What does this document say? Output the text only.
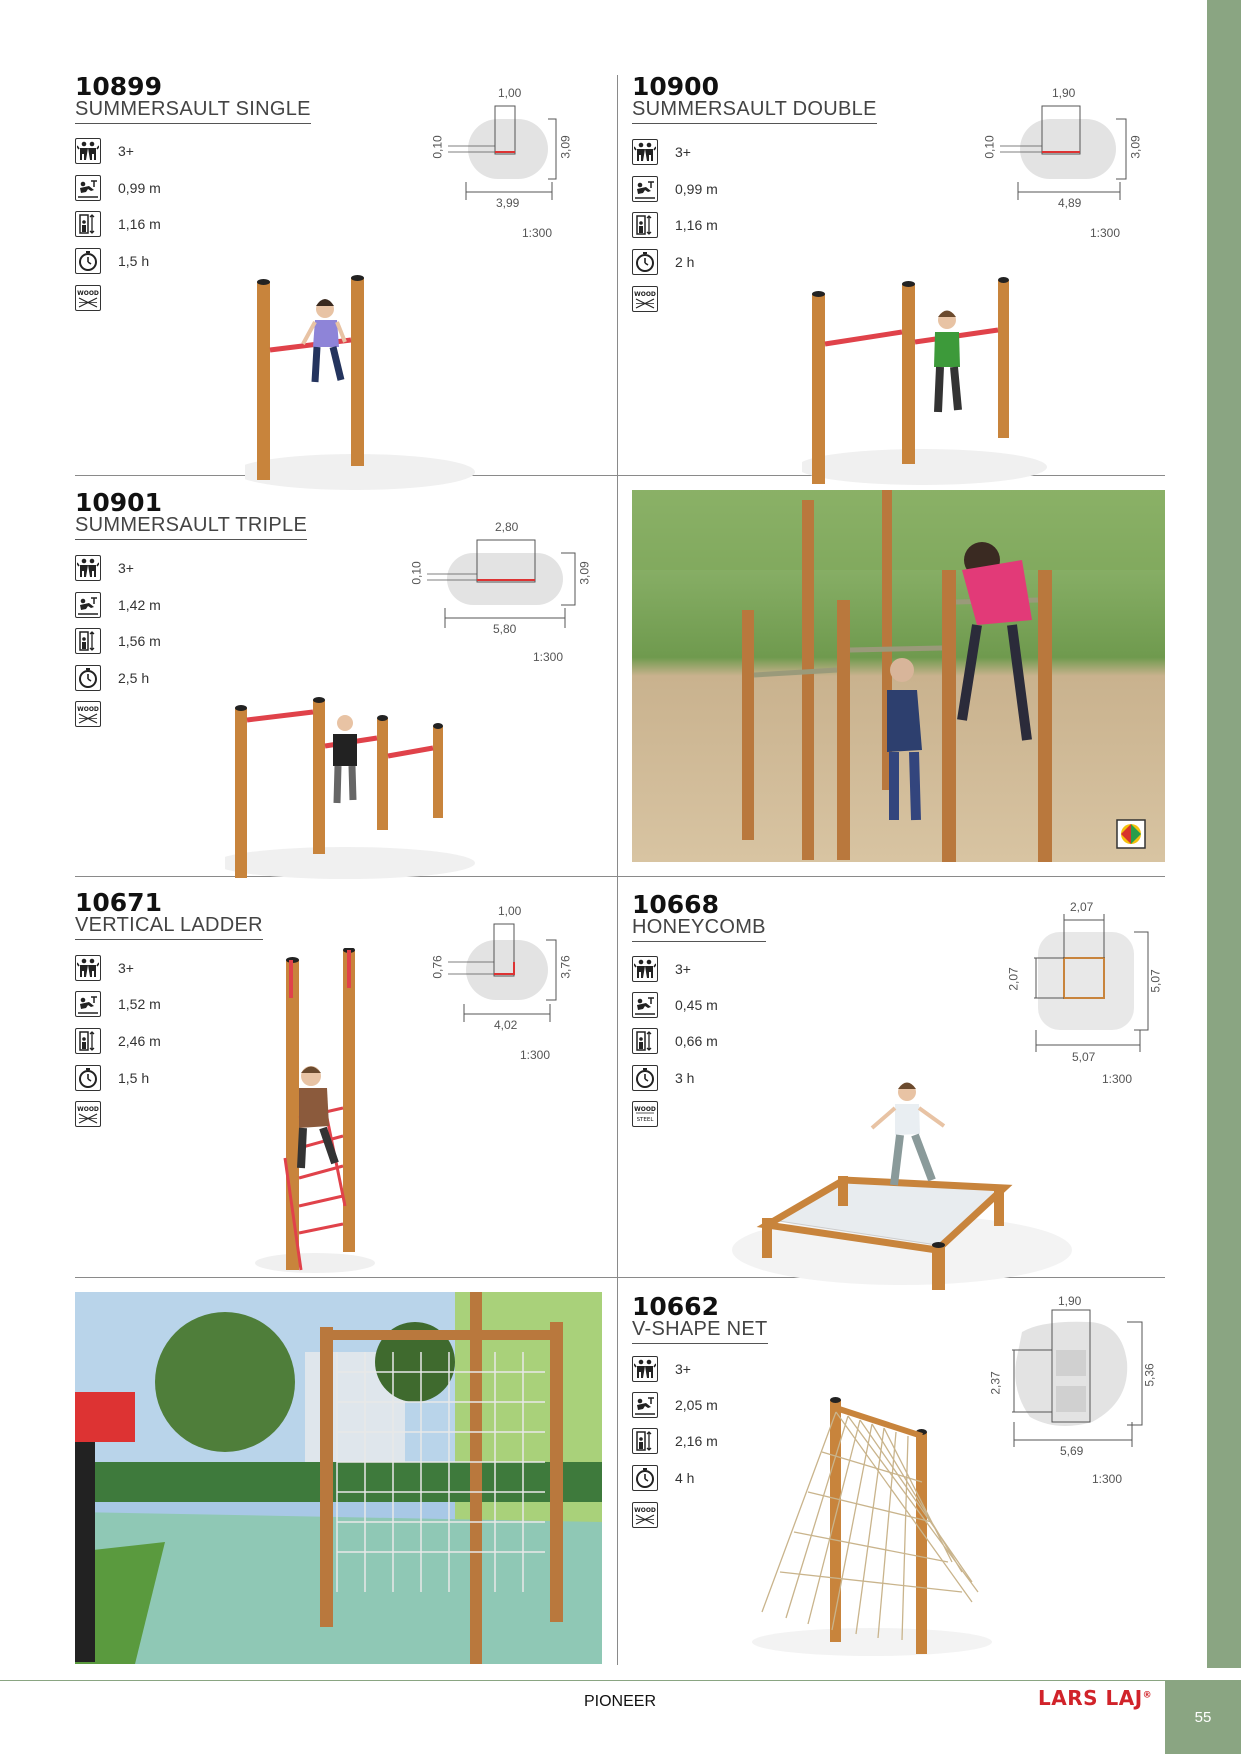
10899
SUMMERSAULT SINGLE
3+
0,99 m
1,16 m
1,5 h
1,00
0,10	3,09
3,99
1:300
10900
SUMMERSAULT DOUBLE
3+
0,99 m
1,16 m
2 h
1,90
0,10	3,09
4,89
1:300
10901
SUMMERSAULT TRIPLE
3+
1,42 m
1,56 m
2,5 h
2,80
0,10	3,09
5,80
1:300
10671
VERTICAL LADDER
3+
1,52 m
2,46 m
1,5 h
1,00
0,76	3,76
4,02
1:300
10668
HONEYCOMB
3+
0,45 m
0,66 m
3 h
2,07
2,07	5,07
5,07
1:300
10662
V-SHAPE NET
3+
2,05 m
2,16 m
4 h
1,90
2,37	5,36
5,69
1:300
PIONEER	LARS LAJ®
55
